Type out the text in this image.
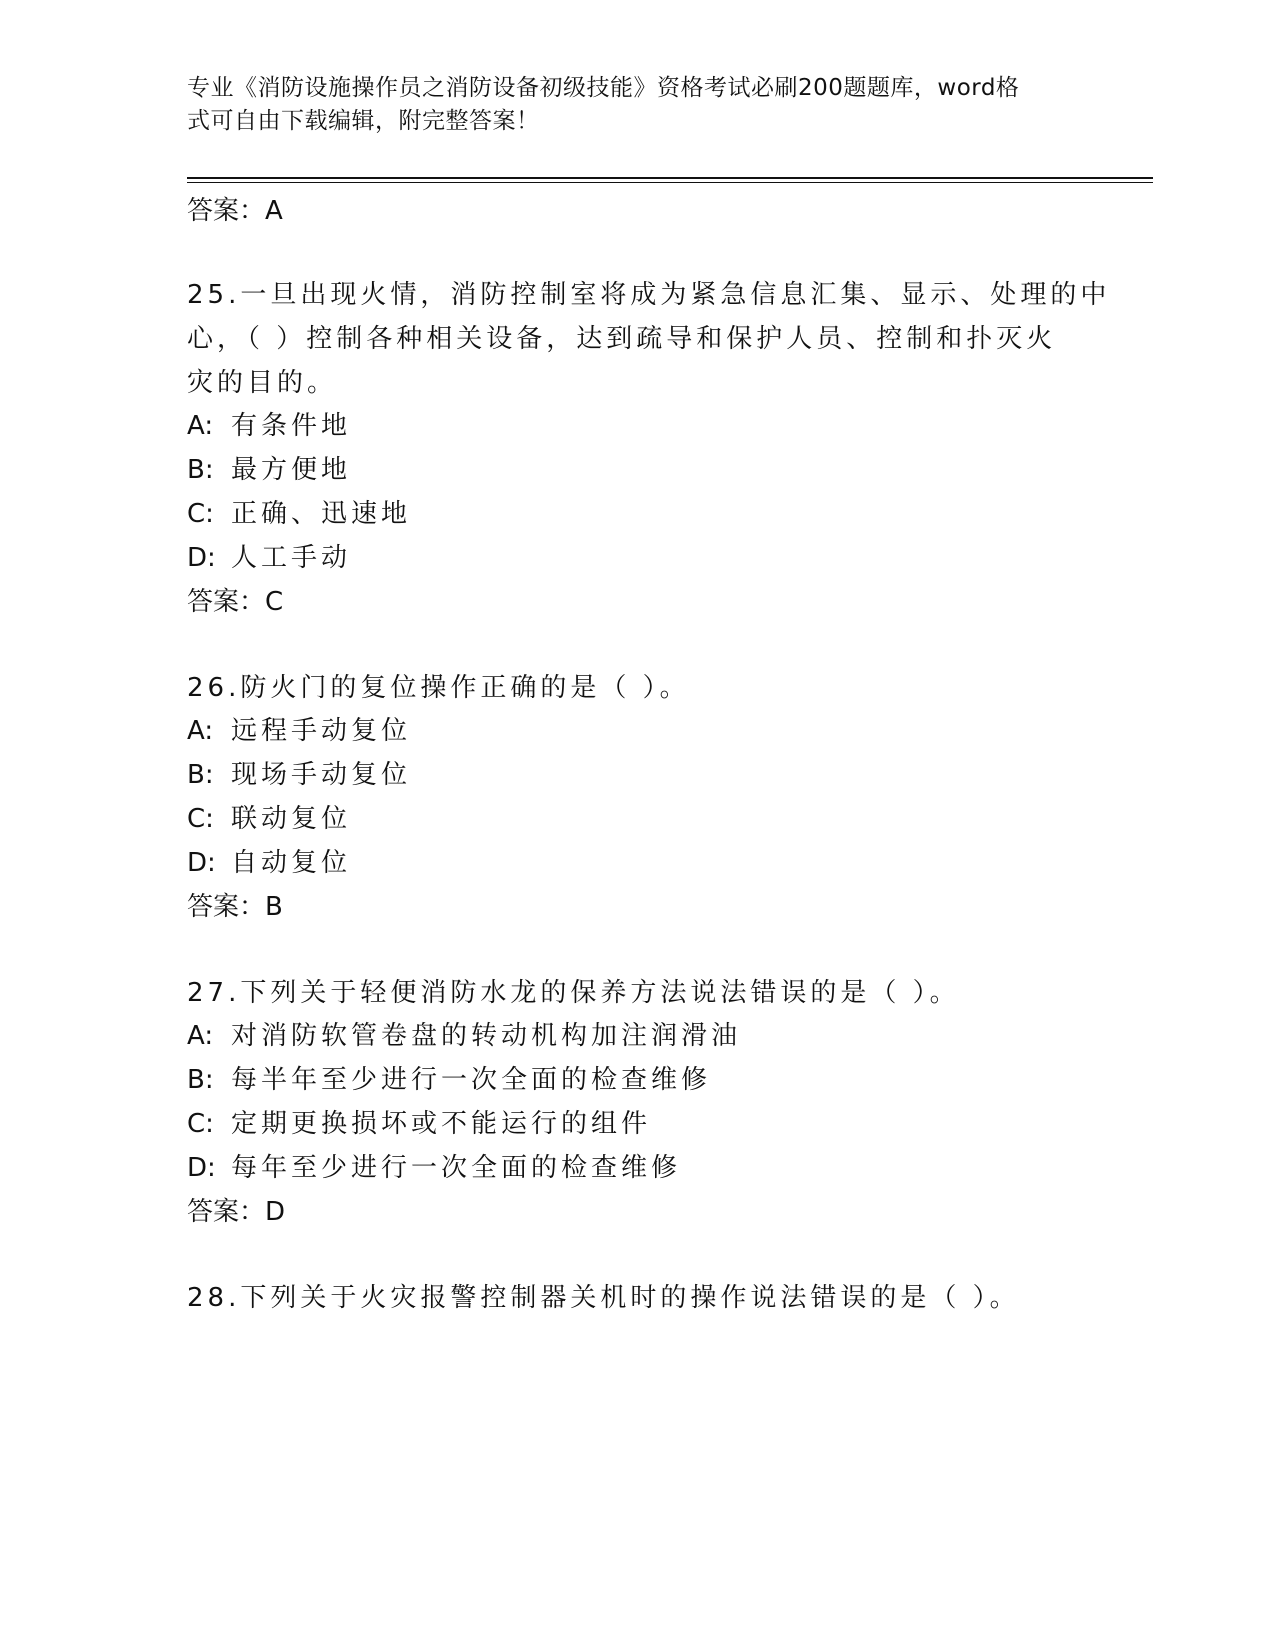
专业《消防设施操作员之消防设备初级技能》资格考试必刷200题题库，word格
式可自由下载编辑，附完整答案！
答案：A
25.一旦出现火情，消防控制室将成为紧急信息汇集、显示、处理的中
心，（ ）控制各种相关设备，达到疏导和保护人员、控制和扑灭火
灾的目的。
A: 有条件地
B: 最方便地
C: 正确、迅速地
D: 人工手动
答案：C
26.防火门的复位操作正确的是（ ）。
A: 远程手动复位
B: 现场手动复位
C: 联动复位
D: 自动复位
答案：B
27.下列关于轻便消防水龙的保养方法说法错误的是（ ）。
A: 对消防软管卷盘的转动机构加注润滑油
B: 每半年至少进行一次全面的检查维修
C: 定期更换损坏或不能运行的组件
D: 每年至少进行一次全面的检查维修
答案：D
28.下列关于火灾报警控制器关机时的操作说法错误的是（ ）。
